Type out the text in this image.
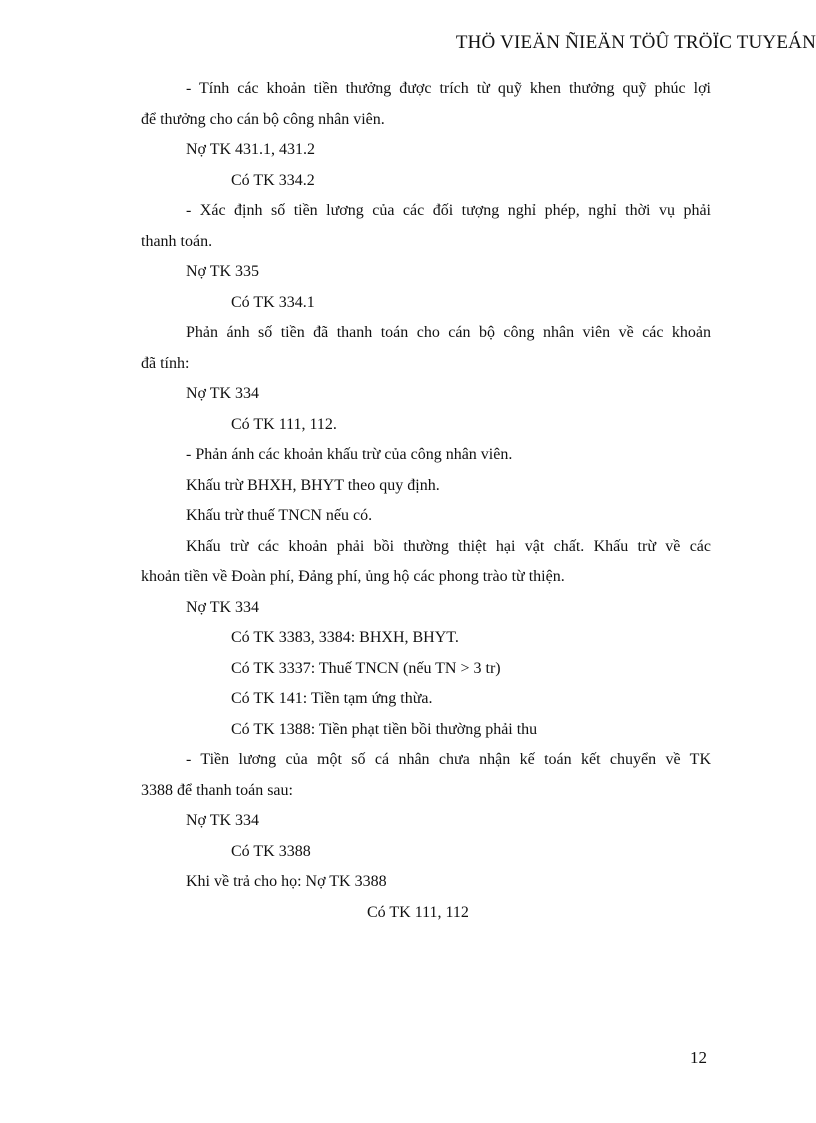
THÖ VIEÄN ÑIEÄN TÖÛ TRÖÏC TUYEÁN
- Tính các khoản tiền thưởng được trích từ quỹ khen thưởng quỹ phúc lợi
để thưởng cho cán bộ công nhân viên.
Nợ TK 431.1, 431.2
Có TK 334.2
- Xác định số tiền lương của các đối tượng nghỉ phép, nghỉ thời vụ phải
thanh toán.
Nợ TK 335
Có TK 334.1
Phản ánh số tiền đã thanh toán cho cán bộ công nhân viên về các khoản
đã tính:
Nợ TK 334
Có TK 111, 112.
- Phản ánh các khoản khấu trừ của công nhân viên.
Khấu trừ BHXH, BHYT theo quy định.
Khấu trừ thuế TNCN nếu có.
Khấu trừ các khoản phải bồi thường thiệt hại vật chất. Khấu trừ về các
khoản tiền về Đoàn phí, Đảng phí, ủng hộ các phong trào từ thiện.
Nợ TK 334
Có TK 3383, 3384: BHXH, BHYT.
Có TK 3337: Thuế TNCN (nếu TN > 3 tr)
Có TK 141: Tiền tạm ứng thừa.
Có TK 1388: Tiền phạt tiền bồi thường phải thu
- Tiền lương của một số cá nhân chưa nhận kế toán kết chuyển về TK
3388 để thanh toán sau:
Nợ TK 334
Có TK 3388
Khi về trả cho họ: Nợ TK 3388
Có TK 111, 112
12
